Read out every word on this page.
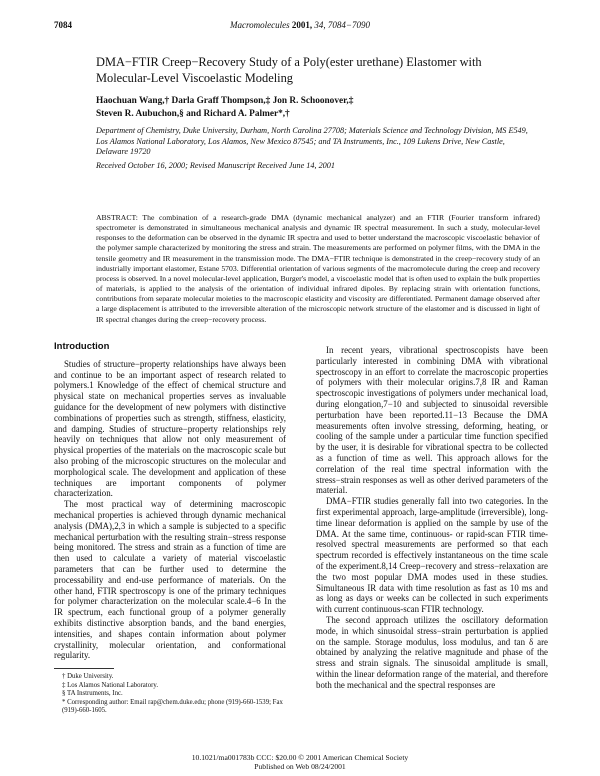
7084	Macromolecules 2001, 34, 7084−7090
DMA−FTIR Creep−Recovery Study of a Poly(ester urethane) Elastomer with Molecular-Level Viscoelastic Modeling
Haochuan Wang,† Darla Graff Thompson,‡ Jon R. Schoonover,‡
Steven R. Aubuchon,§ and Richard A. Palmer*,†
Department of Chemistry, Duke University, Durham, North Carolina 27708; Materials Science and Technology Division, MS E549, Los Alamos National Laboratory, Los Alamos, New Mexico 87545; and TA Instruments, Inc., 109 Lukens Drive, New Castle, Delaware 19720
Received October 16, 2000; Revised Manuscript Received June 14, 2001
ABSTRACT: The combination of a research-grade DMA (dynamic mechanical analyzer) and an FTIR (Fourier transform infrared) spectrometer is demonstrated in simultaneous mechanical analysis and dynamic IR spectral measurement. In such a study, molecular-level responses to the deformation can be observed in the dynamic IR spectra and used to better understand the macroscopic viscoelastic behavior of the polymer sample characterized by monitoring the stress and strain. The measurements are performed on polymer films, with the DMA in the tensile geometry and IR measurement in the transmission mode. The DMA−FTIR technique is demonstrated in the creep−recovery study of an industrially important elastomer, Estane 5703. Differential orientation of various segments of the macromolecule during the creep and recovery process is observed. In a novel molecular-level application, Burger's model, a viscoelastic model that is often used to explain the bulk properties of materials, is applied to the analysis of the orientation of individual infrared dipoles. By replacing strain with orientation functions, contributions from separate molecular moieties to the macroscopic elasticity and viscosity are differentiated. Permanent damage observed after a large displacement is attributed to the irreversible alteration of the microscopic network structure of the elastomer and is discussed in light of IR spectral changes during the creep−recovery process.
Introduction

Studies of structure−property relationships have always been and continue to be an important aspect of research related to polymers.1 Knowledge of the effect of chemical structure and physical state on mechanical properties serves as invaluable guidance for the development of new polymers with distinctive combinations of properties such as strength, stiffness, elasticity, and damping. Studies of structure−property relationships rely heavily on techniques that allow not only measurement of physical properties of the materials on the macroscopic scale but also probing of the microscopic structures on the molecular and morphological scale. The development and application of these techniques are important components of polymer characterization.

The most practical way of determining macroscopic mechanical properties is achieved through dynamic mechanical analysis (DMA),2,3 in which a sample is subjected to a specific mechanical perturbation with the resulting strain−stress response being monitored. The stress and strain as a function of time are then used to calculate a variety of material viscoelastic parameters that can be further used to determine the processability and end-use performance of materials. On the other hand, FTIR spectroscopy is one of the primary techniques for polymer characterization on the molecular scale.4−6 In the IR spectrum, each functional group of a polymer generally exhibits distinctive absorption bands, and the band energies, intensities, and shapes contain information about polymer crystallinity, molecular orientation, and conformational regularity.

† Duke University.
‡ Los Alamos National Laboratory.
§ TA Instruments, Inc.
* Corresponding author: Email rap@chem.duke.edu; phone (919)-660-1539; Fax (919)-660-1605.

In recent years, vibrational spectroscopists have been particularly interested in combining DMA with vibrational spectroscopy in an effort to correlate the macroscopic properties of polymers with their molecular origins.7,8 IR and Raman spectroscopic investigations of polymers under mechanical load, during elongation,7−10 and subjected to sinusoidal reversible perturbation have been reported.11−13 Because the DMA measurements often involve stressing, deforming, heating, or cooling of the sample under a particular time function specified by the user, it is desirable for vibrational spectra to be collected as a function of time as well. This approach allows for the correlation of the real time spectral information with the stress−strain responses as well as other derived parameters of the material.

DMA−FTIR studies generally fall into two categories. In the first experimental approach, large-amplitude (irreversible), long-time linear deformation is applied on the sample by use of the DMA. At the same time, continuous- or rapid-scan FTIR time-resolved spectral measurements are performed so that each spectrum recorded is effectively instantaneous on the time scale of the experiment.8,14 Creep−recovery and stress−relaxation are the two most popular DMA modes used in these studies. Simultaneous IR data with time resolution as fast as 10 ms and as long as days or weeks can be collected in such experiments with current continuous-scan FTIR technology.

The second approach utilizes the oscillatory deformation mode, in which sinusoidal stress−strain perturbation is applied on the sample. Storage modulus, loss modulus, and tan δ are obtained by analyzing the relative magnitude and phase of the stress and strain signals. The sinusoidal amplitude is small, within the linear deformation range of the material, and therefore both the mechanical and the spectral responses are

10.1021/ma001783b CCC: $20.00 © 2001 American Chemical Society
Published on Web 08/24/2001
